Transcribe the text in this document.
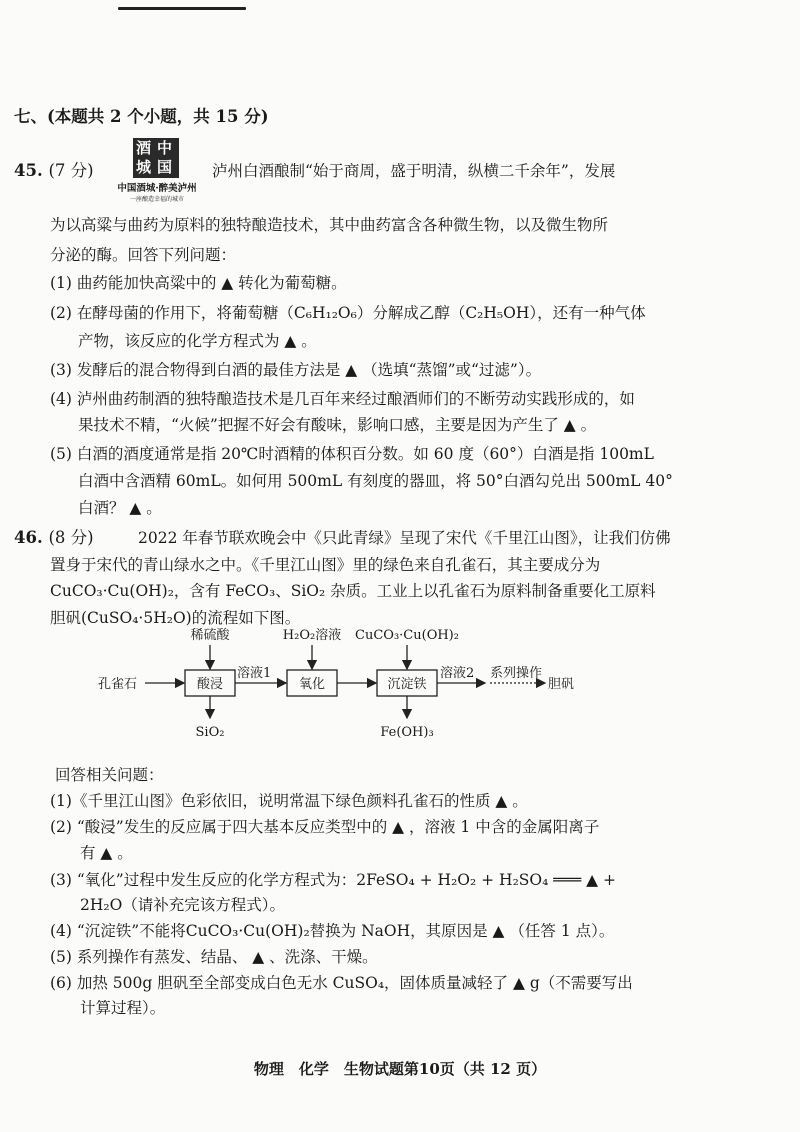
七、(本题共 2 个小题，共 15 分)
45. (7 分)
酒 中
城 国
中国酒城·醉美泸州
一座酿造幸福的城市
泸州白酒酿制“始于商周，盛于明清，纵横二千余年”，发展
为以高粱与曲药为原料的独特酿造技术，其中曲药富含各种微生物，以及微生物所
分泌的酶。回答下列问题：
(1) 曲药能加快高粱中的 ▲ 转化为葡萄糖。
(2) 在酵母菌的作用下，将葡萄糖（C₆H₁₂O₆）分解成乙醇（C₂H₅OH），还有一种气体
产物，该反应的化学方程式为 ▲ 。
(3) 发酵后的混合物得到白酒的最佳方法是 ▲ （选填“蒸馏”或“过滤”）。
(4) 泸州曲药制酒的独特酿造技术是几百年来经过酿酒师们的不断劳动实践形成的，如
果技术不精，“火候”把握不好会有酸味，影响口感，主要是因为产生了 ▲ 。
(5) 白酒的酒度通常是指 20℃时酒精的体积百分数。如 60 度（60°）白酒是指 100mL
白酒中含酒精 60mL。如何用 500mL 有刻度的器皿，将 50°白酒勾兑出 500mL 40°
白酒？ ▲ 。
46. (8 分)	2022 年春节联欢晚会中《只此青绿》呈现了宋代《千里江山图》，让我们仿佛
置身于宋代的青山绿水之中。《千里江山图》里的绿色来自孔雀石，其主要成分为
CuCO₃·Cu(OH)₂，含有 FeCO₃、SiO₂ 杂质。工业上以孔雀石为原料制备重要化工原料
胆矾(CuSO₄·5H₂O)的流程如下图。
孔雀石	酸浸	氧化	沉淀铁
溶液1	溶液2 系列操作
胆矾
稀硫酸	H₂O₂溶液 CuCO₃·Cu(OH)₂
SiO₂	Fe(OH)₃
回答相关问题：
(1)《千里江山图》色彩依旧，说明常温下绿色颜料孔雀石的性质 ▲ 。
(2) “酸浸”发生的反应属于四大基本反应类型中的 ▲ ，溶液 1 中含的金属阳离子
有 ▲ 。
(3) “氧化”过程中发生反应的化学方程式为：2FeSO₄ + H₂O₂ + H₂SO₄ ═══ ▲ +
2H₂O（请补充完该方程式）。
(4) “沉淀铁”不能将CuCO₃·Cu(OH)₂替换为 NaOH，其原因是 ▲ （任答 1 点）。
(5) 系列操作有蒸发、结晶、 ▲ 、洗涤、干燥。
(6) 加热 500g 胆矾至全部变成白色无水 CuSO₄，固体质量减轻了 ▲ g（不需要写出
计算过程）。
物理　化学　生物试题第10页（共 12 页）
